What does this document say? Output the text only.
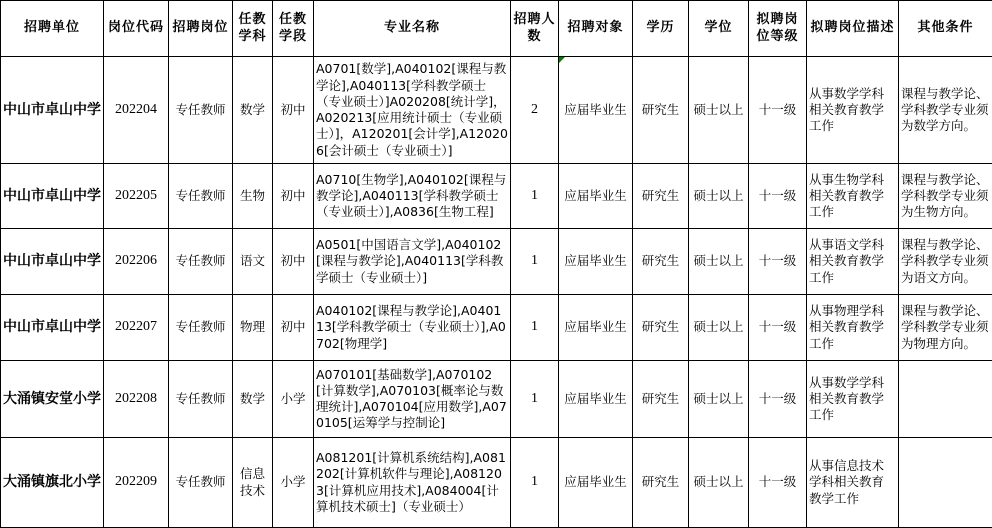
招聘单位	岗位代码	招聘岗位	任教学科	任教学段	专业名称	招聘人数	招聘对象	学历	学位	拟聘岗位等级	拟聘岗位描述	其他条件
中山市卓山中学	202204	专任教师	数学	初中	A0701[数学],A040102[课程与教学论],A040113[学科教学硕士（专业硕士）]A020208[统计学]，A020213[应用统计硕士（专业硕士）]，A120201[会计学],A120206[会计硕士（专业硕士）]	2	应届毕业生	研究生	硕士以上	十一级	从事数学学科相关教育教学工作	课程与教学论、学科教学专业须为数学方向。
中山市卓山中学	202205	专任教师	生物	初中	A0710[生物学],A040102[课程与教学论],A040113[学科教学硕士（专业硕士）],A0836[生物工程]	1	应届毕业生	研究生	硕士以上	十一级	从事生物学科相关教育教学工作	课程与教学论、学科教学专业须为生物方向。
中山市卓山中学	202206	专任教师	语文	初中	A0501[中国语言文学],A040102[课程与教学论],A040113[学科教学硕士（专业硕士）]	1	应届毕业生	研究生	硕士以上	十一级	从事语文学科相关教育教学工作	课程与教学论、学科教学专业须为语文方向。
中山市卓山中学	202207	专任教师	物理	初中	A040102[课程与教学论],A040113[学科教学硕士（专业硕士）],A0702[物理学]	1	应届毕业生	研究生	硕士以上	十一级	从事物理学科相关教育教学工作	课程与教学论、学科教学专业须为物理方向。
大涌镇安堂小学	202208	专任教师	数学	小学	A070101[基础数学],A070102[计算数学],A070103[概率论与数理统计],A070104[应用数学],A070105[运筹学与控制论]	1	应届毕业生	研究生	硕士以上	十一级	从事数学学科相关教育教学工作	
大涌镇旗北小学	202209	专任教师	信息技术	小学	A081201[计算机系统结构],A081202[计算机软件与理论],A081203[计算机应用技术],A084004[计算机技术硕士]（专业硕士）	1	应届毕业生	研究生	硕士以上	十一级	从事信息技术学科相关教育教学工作	
